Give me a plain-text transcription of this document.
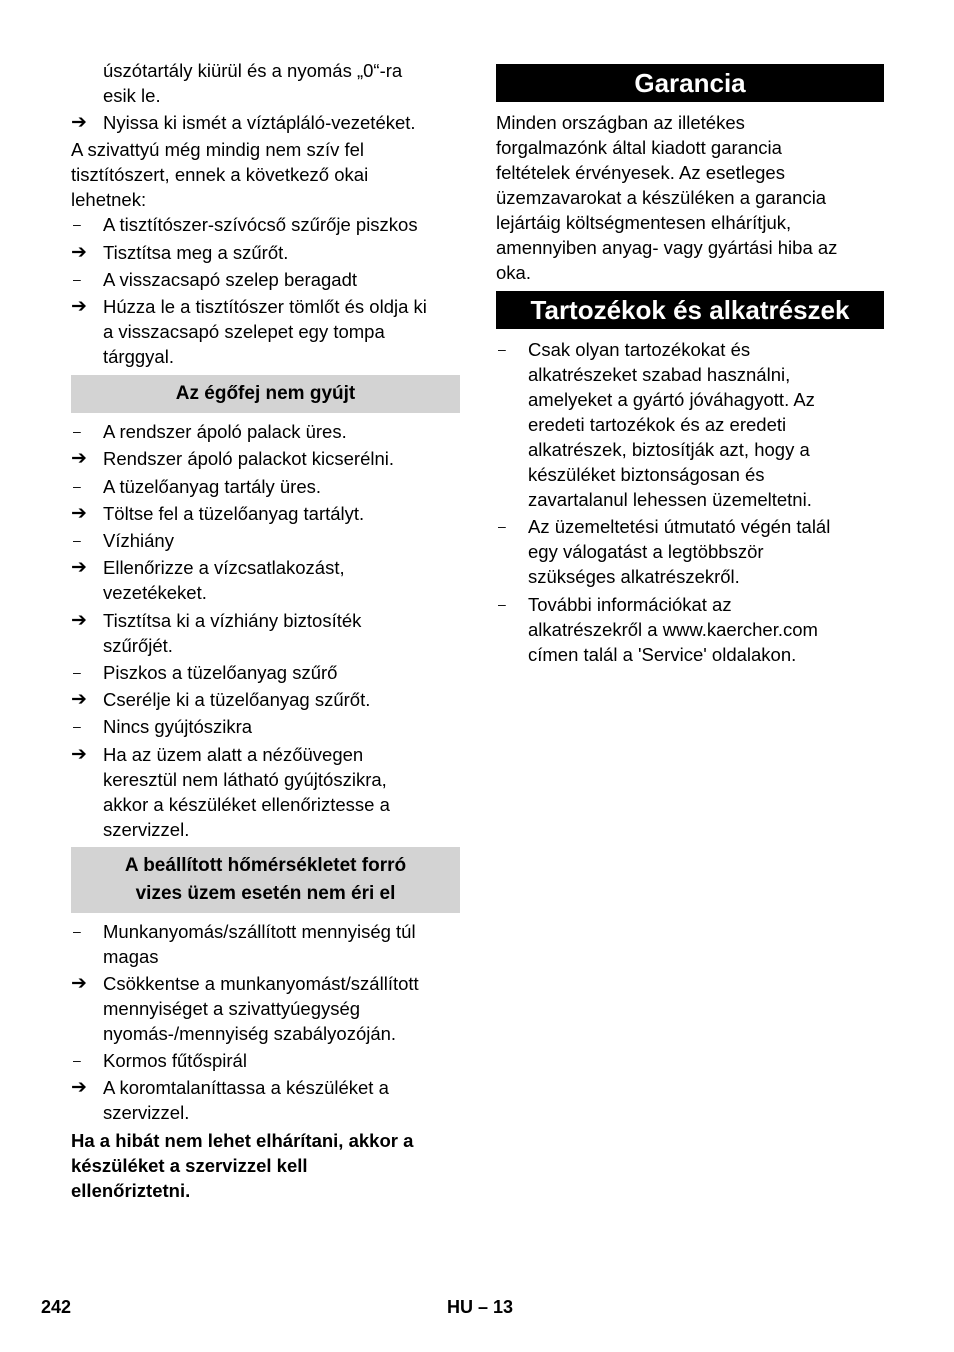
úszótartály kiürül és a nyomás „0“-ra
esik le.
➔ Nyissa ki ismét a víztápláló-vezetéket.
A szivattyú még mindig nem szív fel
tisztítószert, ennek a következő okai
lehetnek:
–	A tisztítószer-szívócső szűrője piszkos
➔ Tisztítsa meg a szűrőt.
–	A visszacsapó szelep beragadt
➔ Húzza le a tisztítószer tömlőt és oldja ki
a visszacsapó szelepet egy tompa
tárggyal.
Az égőfej nem gyújt
–	A rendszer ápoló palack üres.
➔ Rendszer ápoló palackot kicserélni.
–	A tüzelőanyag tartály üres.
➔ Töltse fel a tüzelőanyag tartályt.
–	Vízhiány
➔ Ellenőrizze a vízcsatlakozást,
vezetékeket.
➔ Tisztítsa ki a vízhiány biztosíték
szűrőjét.
–	Piszkos a tüzelőanyag szűrő
➔ Cserélje ki a tüzelőanyag szűrőt.
–	Nincs gyújtószikra
➔ Ha az üzem alatt a nézőüvegen
keresztül nem látható gyújtószikra,
akkor a készüléket ellenőriztesse a
szervizzel.
A beállított hőmérsékletet forró
vizes üzem esetén nem éri el
–	Munkanyomás/szállított mennyiség túl
magas
➔ Csökkentse a munkanyomást/szállított
mennyiséget a szivattyúegység
nyomás-/mennyiség szabályozóján.
–	Kormos fűtőspirál
➔ A koromtalaníttassa a készüléket a
szervizzel.
Ha a hibát nem lehet elhárítani, akkor a
készüléket a szervizzel kell
ellenőriztetni.
Garancia
Minden országban az illetékes
forgalmazónk által kiadott garancia
feltételek érvényesek. Az esetleges
üzemzavarokat a készüléken a garancia
lejártáig költségmentesen elhárítjuk,
amennyiben anyag- vagy gyártási hiba az
oka.
Tartozékok és alkatrészek
–	Csak olyan tartozékokat és
alkatrészeket szabad használni,
amelyeket a gyártó jóváhagyott. Az
eredeti tartozékok és az eredeti
alkatrészek, biztosítják azt, hogy a
készüléket biztonságosan és
zavartalanul lehessen üzemeltetni.
–	Az üzemeltetési útmutató végén talál
egy válogatást a legtöbbször
szükséges alkatrészekről.
–	További információkat az
alkatrészekről a www.kaercher.com
címen talál a 'Service' oldalakon.
242	HU – 13
